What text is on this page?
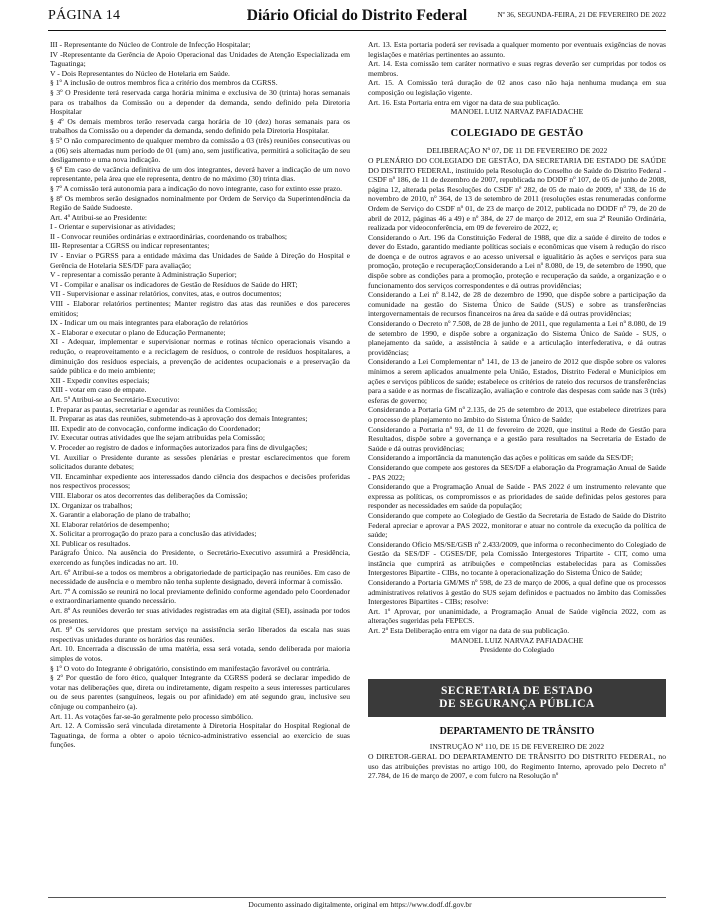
PÁGINA 14	Diário Oficial do Distrito Federal	Nº 36, SEGUNDA-FEIRA, 21 DE FEVEREIRO DE 2022

III - Representante do Núcleo de Controle de Infecção Hospitalar;

IV -Representante da Gerência de Apoio Operacional das Unidades de Atenção Especializada em Taguatinga;

V - Dois Representantes do Núcleo de Hotelaria em Saúde.

§ 1º A inclusão de outros membros fica a critério dos membros da CGRSS.

§ 3º O Presidente terá reservada carga horária mínima e exclusiva de 30 (trinta) horas semanais para os trabalhos da Comissão ou a depender da demanda, sendo definido pela Diretoria Hospitalar

§ 4º Os demais membros terão reservada carga horária de 10 (dez) horas semanais para os trabalhos da Comissão ou a depender da demanda, sendo definido pela Diretoria Hospitalar.

§ 5º O não comparecimento de qualquer membro da comissão a 03 (três) reuniões consecutivas ou a (06) seis alternadas num período de 01 (um) ano, sem justificativa, permitirá a solicitação de seu desligamento e uma nova indicação.

§ 6º Em caso de vacância definitiva de um dos integrantes, deverá haver a indicação de um novo representante, pela área que ele representa, dentro de no máximo (30) trinta dias.

§ 7º A comissão terá autonomia para a indicação do novo integrante, caso for extinto esse prazo.

§ 8º Os membros serão designados nominalmente por Ordem de Serviço da Superintendência da Região de Saúde Sudoeste.

Art. 4º Atribui-se ao Presidente:

I - Orientar e supervisionar as atividades;

II - Convocar reuniões ordinárias e extraordinárias, coordenando os trabalhos;

III- Representar a CGRSS ou indicar representantes;

IV - Enviar o PGRSS para a entidade máxima das Unidades de Saúde à Direção do Hospital e Gerência de Hotelaria SES/DF para avaliação;

V - representar a comissão perante à Administração Superior;

VI - Compilar e analisar os indicadores de Gestão de Resíduos de Saúde do HRT;

VII - Supervisionar e assinar relatórios, convites, atas, e outros documentos;

VIII - Elaborar relatórios pertinentes; Manter registro das atas das reuniões e dos pareceres emitidos;

IX - Indicar um ou mais integrantes para elaboração de relatórios

X - Elaborar e executar o plano de Educação Permanente;

XI - Adequar, implementar e supervisionar normas e rotinas técnico operacionais visando a redução, o reaproveitamento e a reciclagem de resíduos, o controle de resíduos hospitalares, a diminuição dos resíduos especiais, a prevenção de acidentes ocupacionais e a preservação da saúde pública e do meio ambiente;

XII - Expedir convites especiais;

XIII - votar em caso de empate.

Art. 5º Atribui-se ao Secretário-Executivo:

I. Preparar as pautas, secretariar e agendar as reuniões da Comissão;

II. Preparar as atas das reuniões, submetendo-as à aprovação dos demais Integrantes;

III. Expedir ato de convocação, conforme indicação do Coordenador;

IV. Executar outras atividades que lhe sejam atribuídas pela Comissão;

V. Proceder ao registro de dados e informações autorizados para fins de divulgações;

VI. Auxiliar o Presidente durante as sessões plenárias e prestar esclarecimentos que forem solicitados durante debates;

VII. Encaminhar expediente aos interessados dando ciência dos despachos e decisões proferidas nos respectivos processos;

VIII. Elaborar os atos decorrentes das deliberações da Comissão;

IX. Organizar os trabalhos;

X. Garantir a elaboração de plano de trabalho;

XI. Elaborar relatórios de desempenho;

X. Solicitar a prorrogação do prazo para a conclusão das atividades;

XI. Publicar os resultados.

Parágrafo Único. Na ausência do Presidente, o Secretário-Executivo assumirá a Presidência, exercendo as funções indicadas no art. 10.

Art. 6º Atribui-se a todos os membros a obrigatoriedade de participação nas reuniões. Em caso de necessidade de ausência e o membro não tenha suplente designado, deverá informar à comissão.

Art. 7º A comissão se reunirá no local previamente definido conforme agendado pelo Coordenador e extraordinariamente quando necessário.

Art. 8º As reuniões deverão ter suas atividades registradas em ata digital (SEI), assinada por todos os presentes.

Art. 9º Os servidores que prestam serviço na assistência serão liberados da escala nas suas respectivas unidades durante os horários das reuniões.

Art. 10. Encerrada a discussão de uma matéria, essa será votada, sendo deliberada por maioria simples de votos.

§ 1º O voto do Integrante é obrigatório, consistindo em manifestação favorável ou contrária.

§ 2º Por questão de foro ético, qualquer Integrante da CGRSS poderá se declarar impedido de votar nas deliberações que, direta ou indiretamente, digam respeito a seus interesses particulares ou de seus parentes (sanguíneos, legais ou por afinidade) em até segundo grau, inclusive seu cônjuge ou companheiro (a).

Art. 11. As votações far-se-ão geralmente pelo processo simbólico.

Art. 12. A Comissão será vinculada diretamente à Diretoria Hospitalar do Hospital Regional de Taguatinga, de forma a obter o apoio técnico-administrativo essencial ao exercício de suas funções.

Art. 13. Esta portaria poderá ser revisada a qualquer momento por eventuais exigências de novas legislações e matérias pertinentes ao assunto.

Art. 14. Esta comissão tem caráter normativo e suas regras deverão ser cumpridas por todos os membros.

Art. 15. A Comissão terá duração de 02 anos caso não haja nenhuma mudança em sua composição ou legislação vigente.

Art. 16. Esta Portaria entra em vigor na data de sua publicação.

MANOEL LUIZ NARVAZ PAFIADACHE

COLEGIADO DE GESTÃO

DELIBERAÇÃO Nº 07, DE 11 DE FEVEREIRO DE 2022

O PLENÁRIO DO COLEGIADO DE GESTÃO, DA SECRETARIA DE ESTADO DE SAÚDE DO DISTRITO FEDERAL, instituído pela Resolução do Conselho de Saúde do Distrito Federal - CSDF nº 186, de 11 de dezembro de 2007, republicada no DODF nº 107, de 05 de junho de 2008, página 12, alterada pelas Resoluções do CSDF nº 282, de 05 de maio de 2009, nº 338, de 16 de novembro de 2010, nº 364, de 13 de setembro de 2011 (resoluções estas renumeradas conforme Ordem de Serviço do CSDF nº 01, de 23 de março de 2012, publicada no DODF nº 79, de 20 de abril de 2012, páginas 46 a 49) e nº 384, de 27 de março de 2012, em sua 2ª Reunião Ordinária, realizada por videoconferência, em 09 de fevereiro de 2022, e;

Considerando o Art. 196 da Constituição Federal de 1988, que diz a saúde é direito de todos e dever do Estado, garantido mediante políticas sociais e econômicas que visem à redução do risco de doença e de outros agravos e ao acesso universal e igualitário às ações e serviços para sua promoção, proteção e recuperação;Considerando a Lei nº 8.080, de 19, de setembro de 1990, que dispõe sobre as condições para a promoção, proteção e recuperação da saúde, a organização e o funcionamento dos serviços correspondentes e dá outras providências;

Considerando a Lei nº 8.142, de 28 de dezembro de 1990, que dispõe sobre a participação da comunidade na gestão do Sistema Único de Saúde (SUS) e sobre as transferências intergovernamentais de recursos financeiros na área da saúde e dá outras providências;

Considerando o Decreto nº 7.508, de 28 de junho de 2011, que regulamenta a Lei nº 8.080, de 19 de setembro de 1990, e dispõe sobre a organização do Sistema Único de Saúde - SUS, o planejamento da saúde, a assistência à saúde e a articulação interfederativa, e dá outras providências;

Considerando a Lei Complementar nº 141, de 13 de janeiro de 2012 que dispõe sobre os valores mínimos a serem aplicados anualmente pela União, Estados, Distrito Federal e Municípios em ações e serviços públicos de saúde; estabelece os critérios de rateio dos recursos de transferências para a saúde e as normas de fiscalização, avaliação e controle das despesas com saúde nas 3 (três) esferas de governo;

Considerando a Portaria GM nº 2.135, de 25 de setembro de 2013, que estabelece diretrizes para o processo de planejamento no âmbito do Sistema Único de Saúde;

Considerando a Portaria nº 93, de 11 de fevereiro de 2020, que institui a Rede de Gestão para Resultados, dispõe sobre a governança e a gestão para resultados na Secretaria de Estado de Saúde e dá outras providências;

Considerando a importância da manutenção das ações e políticas em saúde da SES/DF;

Considerando que compete aos gestores da SES/DF a elaboração da Programação Anual de Saúde - PAS 2022;

Considerando que a Programação Anual de Saúde - PAS 2022 é um instrumento relevante que expressa as políticas, os compromissos e as prioridades de saúde definidas pelos gestores para responder as necessidades em saúde da população;

Considerando que compete ao Colegiado de Gestão da Secretaria de Estado de Saúde do Distrito Federal apreciar e aprovar a PAS 2022, monitorar e atuar no controle da execução da política de saúde;

Considerando Ofício MS/SE/GSB nº 2.433/2009, que informa o reconhecimento do Colegiado de Gestão da SES/DF - CGSES/DF, pela Comissão Intergestores Tripartite - CIT, como uma instância que cumprirá as atribuições e competências estabelecidas para as Comissões Intergestores Bipartite - CIBs, no tocante à operacionalização do Sistema Único de Saúde;

Considerando a Portaria GM/MS nº 598, de 23 de março de 2006, a qual define que os processos administrativos relativos à gestão do SUS sejam definidos e pactuados no âmbito das Comissões Intergestores Bipartites - CIBs; resolve:

Art. 1º Aprovar, por unanimidade, a Programação Anual de Saúde vigência 2022, com as alterações sugeridas pela FEPECS.

Art. 2º Esta Deliberação entra em vigor na data de sua publicação.

MANOEL LUIZ NARVAZ PAFIADACHE

Presidente do Colegiado

SECRETARIA DE ESTADO
DE SEGURANÇA PÚBLICA

DEPARTAMENTO DE TRÂNSITO

INSTRUÇÃO Nº 110, DE 15 DE FEVEREIRO DE 2022

O DIRETOR-GERAL DO DEPARTAMENTO DE TRÂNSITO DO DISTRITO FEDERAL, no uso das atribuições previstas no artigo 100, do Regimento Interno, aprovado pelo Decreto nº 27.784, de 16 de março de 2007, e com fulcro na Resolução nº

Documento assinado digitalmente, original em https://www.dodf.df.gov.br
